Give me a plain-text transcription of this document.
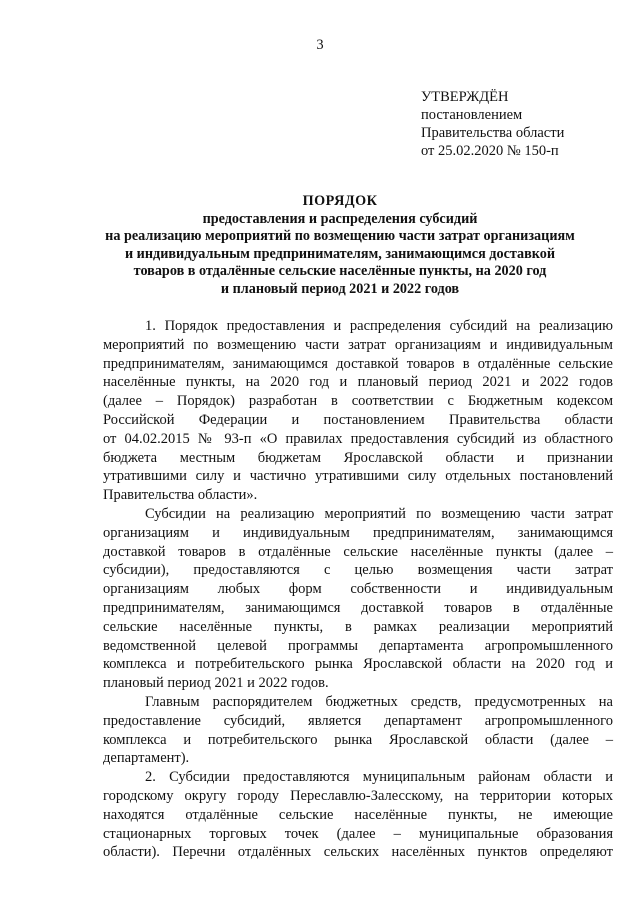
3
УТВЕРЖДЁН
постановлением
Правительства области
от 25.02.2020 № 150-п
ПОРЯДОК
предоставления и распределения субсидий
на реализацию мероприятий по возмещению части затрат организациям
и индивидуальным предпринимателям, занимающимся доставкой
товаров в отдалённые сельские населённые пункты, на 2020 год
и плановый период 2021 и 2022 годов
1. Порядок предоставления и распределения субсидий на реализацию
мероприятий по возмещению части затрат организациям и индивидуальным
предпринимателям, занимающимся доставкой товаров в отдалённые сельские
населённые пункты, на 2020 год и плановый период 2021 и 2022 годов
(далее – Порядок) разработан в соответствии с Бюджетным кодексом
Российской Федерации и постановлением Правительства области
от 04.02.2015 № 93-п «О правилах предоставления субсидий из областного
бюджета местным бюджетам Ярославской области и признании
утратившими силу и частично утратившими силу отдельных постановлений
Правительства области».
Субсидии на реализацию мероприятий по возмещению части затрат
организациям и индивидуальным предпринимателям, занимающимся
доставкой товаров в отдалённые сельские населённые пункты (далее –
субсидии), предоставляются с целью возмещения части затрат
организациям любых форм собственности и индивидуальным
предпринимателям, занимающимся доставкой товаров в отдалённые
сельские населённые пункты, в рамках реализации мероприятий
ведомственной целевой программы департамента агропромышленного
комплекса и потребительского рынка Ярославской области на 2020 год и
плановый период 2021 и 2022 годов.
Главным распорядителем бюджетных средств, предусмотренных на
предоставление субсидий, является департамент агропромышленного
комплекса и потребительского рынка Ярославской области (далее –
департамент).
2. Субсидии предоставляются муниципальным районам области и
городскому округу городу Переславлю-Залесскому, на территории которых
находятся отдалённые сельские населённые пункты, не имеющие
стационарных торговых точек (далее – муниципальные образования
области). Перечни отдалённых сельских населённых пунктов определяют
